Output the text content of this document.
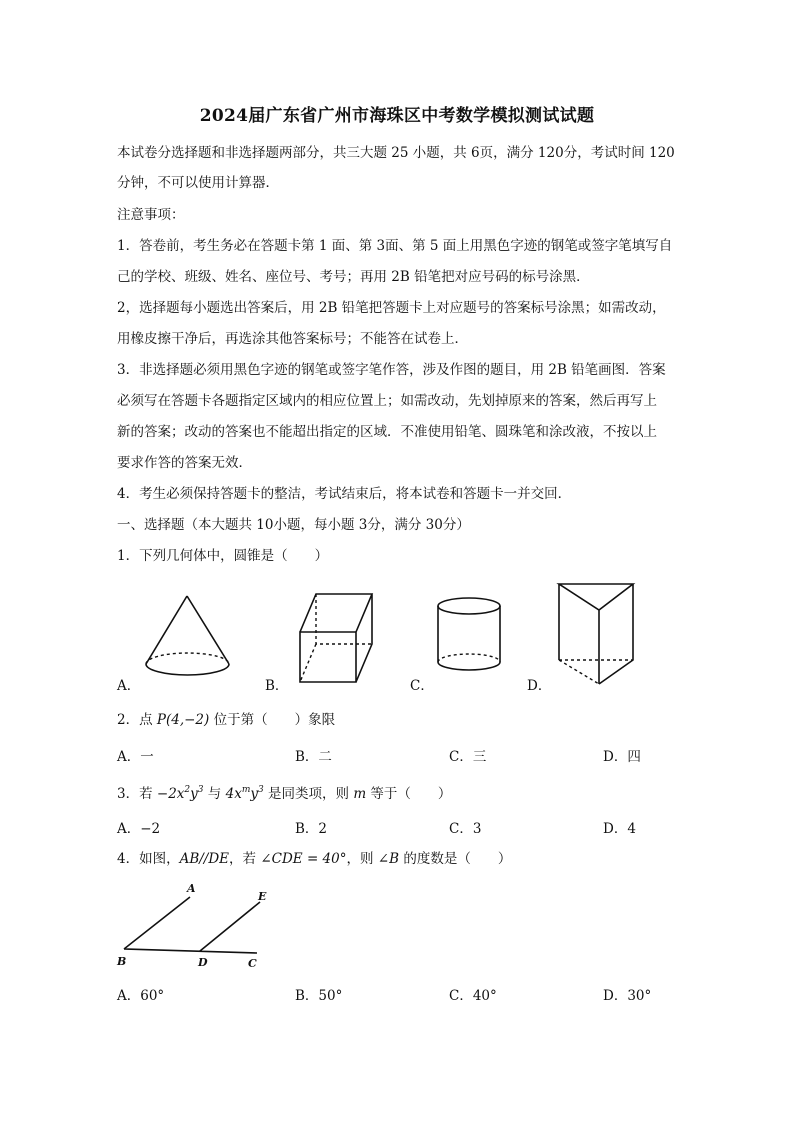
2024届广东省广州市海珠区中考数学模拟测试试题
本试卷分选择题和非选择题两部分，共三大题 25 小题，共 6页，满分 120分，考试时间 120
分钟，不可以使用计算器．
注意事项：
1．答卷前，考生务必在答题卡第 1 面、第 3面、第 5 面上用黑色字迹的钢笔或签字笔填写自
己的学校、班级、姓名、座位号、考号；再用 2B 铅笔把对应号码的标号涂黑．
2，选择题每小题选出答案后，用 2B 铅笔把答题卡上对应题号的答案标号涂黑；如需改动，
用橡皮擦干净后，再选涂其他答案标号；不能答在试卷上．
3．非选择题必须用黑色字迹的钢笔或签字笔作答，涉及作图的题目，用 2B 铅笔画图．答案
必须写在答题卡各题指定区域内的相应位置上；如需改动，先划掉原来的答案，然后再写上
新的答案；改动的答案也不能超出指定的区域．不准使用铅笔、圆珠笔和涂改液，不按以上
要求作答的答案无效．
4．考生必须保持答题卡的整洁，考试结束后，将本试卷和答题卡一并交回．
一、选择题（本大题共 10小题，每小题 3分，满分 30分）
1．下列几何体中，圆锥是（　　）
A．	B．	C．	D．
2．点 P(4,−2) 位于第（　　）象限
A．一	B．二	C．三	D．四
3．若 $-2x^2y^3$ 与 $4x^my^3$ 是同类项，则 m 等于（　　）
A．−2	B．2	C．3	D．4
4．如图，AB//DE，若 ∠CDE = 40°，则 ∠B 的度数是（　　）
A
E
B	D	C
A．60°	B．50°	C．40°	D．30°
